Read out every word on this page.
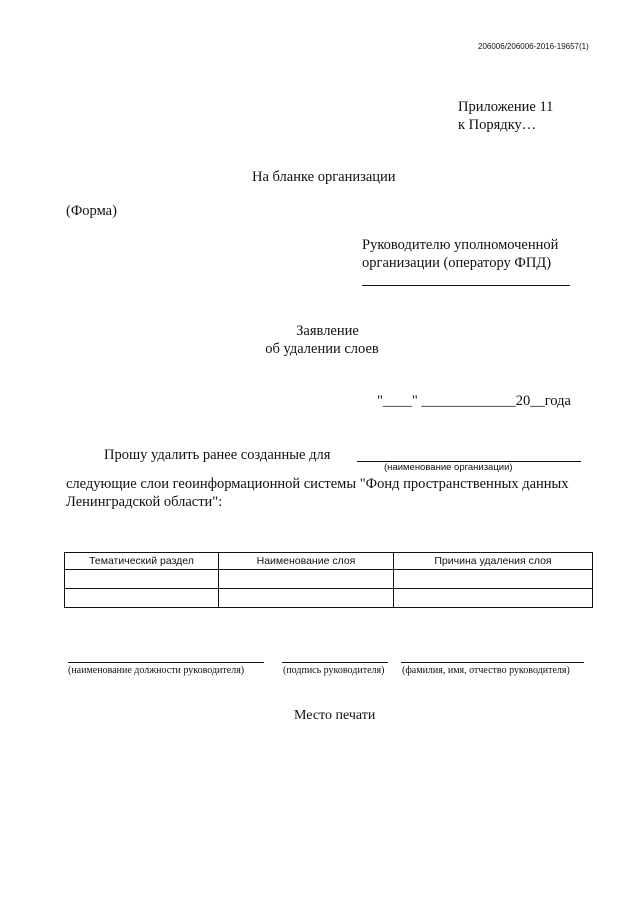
206006/206006-2016-19657(1)
Приложение 11
к Порядку…
На бланке организации
(Форма)
Руководителю уполномоченной
организации (оператору ФПД)
Заявление
об удалении слоев
"____" _____________20__года
Прошу удалить ранее созданные для
(наименование организации)
следующие слои геоинформационной системы "Фонд пространственных данных
Ленинградской области":
Тематический раздел	Наименование слоя	Причина удаления слоя

(наименование должности руководителя)	(подпись руководителя) (фамилия, имя, отчество руководителя)
Место печати
